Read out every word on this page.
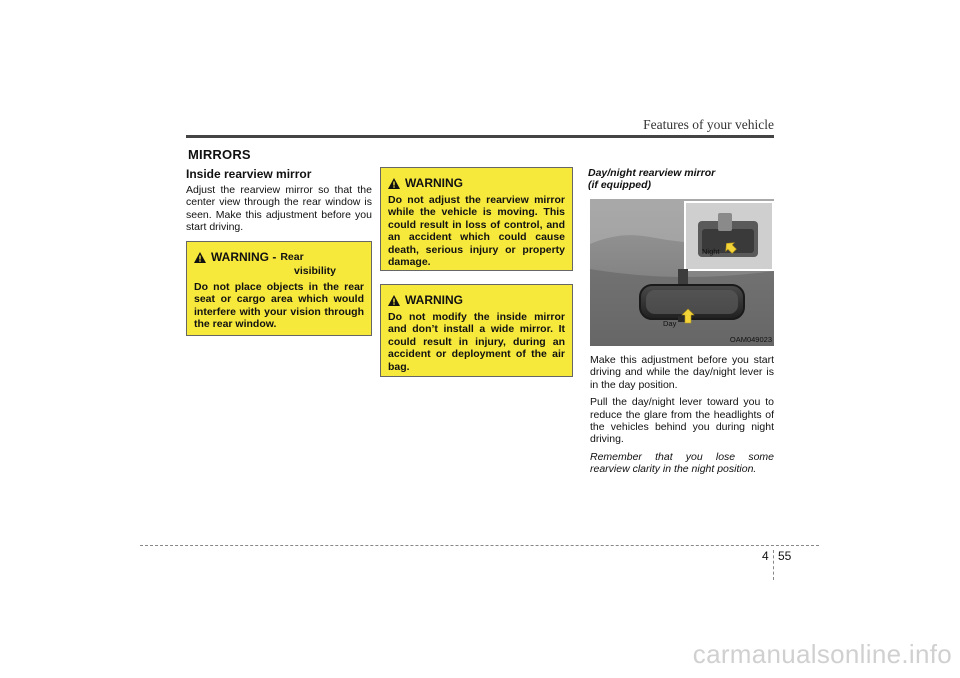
Features of your vehicle
MIRRORS

Inside rearview mirror

Adjust the rearview mirror so that the center view through the rear window is seen. Make this adjustment before you start driving.

WARNING - Rear
visibility

Do not place objects in the rear seat or cargo area which would interfere with your vision through the rear window.

WARNING

Do not adjust the rearview mirror while the vehicle is moving. This could result in loss of control, and an accident which could cause death, serious injury or property damage.

WARNING

Do not modify the inside mirror and don’t install a wide mirror. It could result in injury, during an accident or deployment of the air bag.

Day/night rearview mirror

(if equipped)

Night
Day
OAM049023

Make this adjustment before you start driving and while the day/night lever is in the day position.

Pull the day/night lever toward you to reduce the glare from the headlights of the vehicles behind you during night driving.

Remember that you lose some rearview clarity in the night position.

4 55
carmanualsonline.info
